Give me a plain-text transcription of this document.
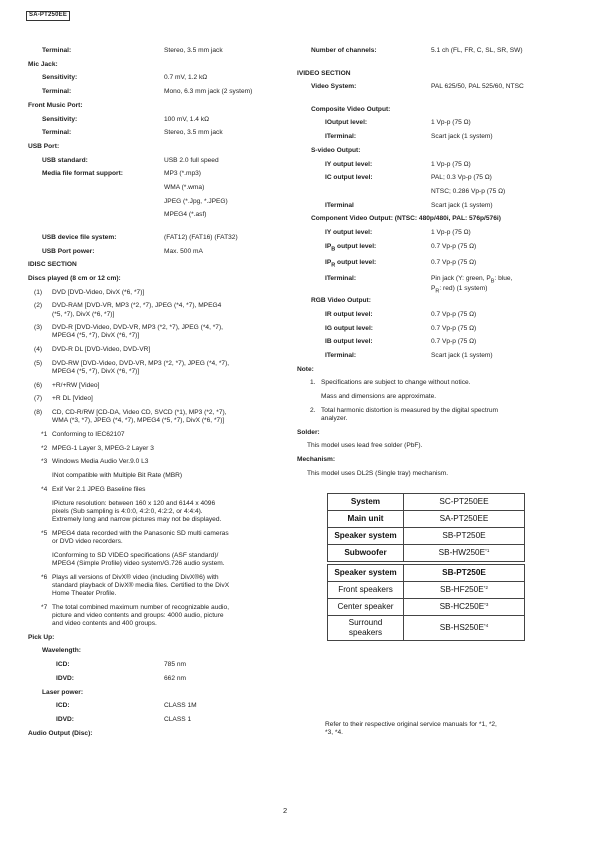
SA-PT250EE
Terminal:	Stereo, 3.5 mm jack
Mic Jack:
Sensitivity:	0.7 mV, 1.2 kΩ
Terminal:	Mono, 6.3 mm jack (2 system)
Front Music Port:
Sensitivity:	100 mV, 1.4 kΩ
Terminal:	Stereo, 3.5 mm jack
USB Port:
USB standard:	USB 2.0 full speed
Media file format support:	MP3 (*.mp3)
WMA (*.wma)
JPEG (*.Jpg, *.JPEG)
MPEG4 (*.asf)
USB device file system:	(FAT12) (FAT16) (FAT32)
USB Port power:	Max. 500 mA
IDISC SECTION
Discs played (8 cm or 12 cm):
(1) DVD [DVD-Video, DivX (*6, *7)]
(2) DVD-RAM [DVD-VR, MP3 (*2, *7), JPEG (*4, *7), MPEG4
(*5, *7), DivX (*6, *7)]
(3) DVD-R [DVD-Video, DVD-VR, MP3 (*2, *7), JPEG (*4, *7),
MPEG4 (*5, *7), DivX (*6, *7)]
(4) DVD-R DL [DVD-Video, DVD-VR]
(5) DVD-RW [DVD-Video, DVD-VR, MP3 (*2, *7), JPEG (*4, *7),
MPEG4 (*5, *7), DivX (*6, *7)]
(6) +R/+RW [Video]
(7) +R DL [Video]
(8) CD, CD-R/RW [CD-DA, Video CD, SVCD (*1), MP3 (*2, *7),
WMA (*3, *7), JPEG (*4, *7), MPEG4 (*5, *7), DivX (*6, *7)]
*1 Conforming to IEC62107
*2 MPEG-1 Layer 3, MPEG-2 Layer 3
*3 Windows Media Audio Ver.9.0 L3
INot compatible with Multiple Bit Rate (MBR)
*4 Exif Ver 2.1 JPEG Baseline files
IPicture resolution: between 160 x 120 and 6144 x 4096
pixels (Sub sampling is 4:0:0, 4:2:0, 4:2:2, or 4:4:4).
Extremely long and narrow pictures may not be displayed.
*5 MPEG4 data recorded with the Panasonic SD multi cameras
or DVD video recorders.
IConforming to SD VIDEO specifications (ASF standard)/
MPEG4 (Simple Profile) video system/G.726 audio system.
*6 Plays all versions of DivX® video (including DivX®6) with
standard playback of DivX® media files. Certified to the DivX
Home Theater Profile.
*7 The total combined maximum number of recognizable audio,
picture and video contents and groups: 4000 audio, picture
and video contents and 400 groups.
Pick Up:
Wavelength:
ICD:	785 nm
IDVD:	662 nm
Laser power:
ICD:	CLASS 1M
IDVD:	CLASS 1
Audio Output (Disc):
Number of channels:	5.1 ch (FL, FR, C, SL, SR, SW)
IVIDEO SECTION
Video System:	PAL 625/50, PAL 525/60, NTSC
Composite Video Output:
IOutput level:	1 Vp-p (75 Ω)
ITerminal:	Scart jack (1 system)
S-video Output:
IY output level:	1 Vp-p (75 Ω)
IC output level:	PAL; 0.3 Vp-p (75 Ω)
NTSC; 0.286 Vp-p (75 Ω)
ITerminal	Scart jack (1 system)
Component Video Output: (NTSC: 480p/480i, PAL: 576p/576i)
IY output level:	1 Vp-p (75 Ω)
$IP_B$ output level:	0.7 Vp-p (75 Ω)
$IP_R$ output level:	0.7 Vp-p (75 Ω)
ITerminal:	Pin jack (Y: green, $P_B$: blue,
$P_R$: red) (1 system)
RGB Video Output:
IR output level:	0.7 Vp-p (75 Ω)
IG output level:	0.7 Vp-p (75 Ω)
IB output level:	0.7 Vp-p (75 Ω)
ITerminal:	Scart jack (1 system)
Note:
1. Specifications are subject to change without notice.
Mass and dimensions are approximate.
2. Total harmonic distortion is measured by the digital spectrum
analyzer.
Solder:
This model uses lead free solder (PbF).
Mechanism:
This model uses DL2S (Single tray) mechanism.
System	SC-PT250EE
Main unit	SA-PT250EE
Speaker system	SB-PT250E
Subwoofer	$SB-HW250E^{*1}$
Speaker system	SB-PT250E
Front speakers	$SB-HF250E^{*2}$
Center speaker	$SB-HC250E^{*3}$
Surround speakers	$SB-HS250E^{*4}$
Refer to their respective original service manuals for *1, *2,
*3, *4.
2
